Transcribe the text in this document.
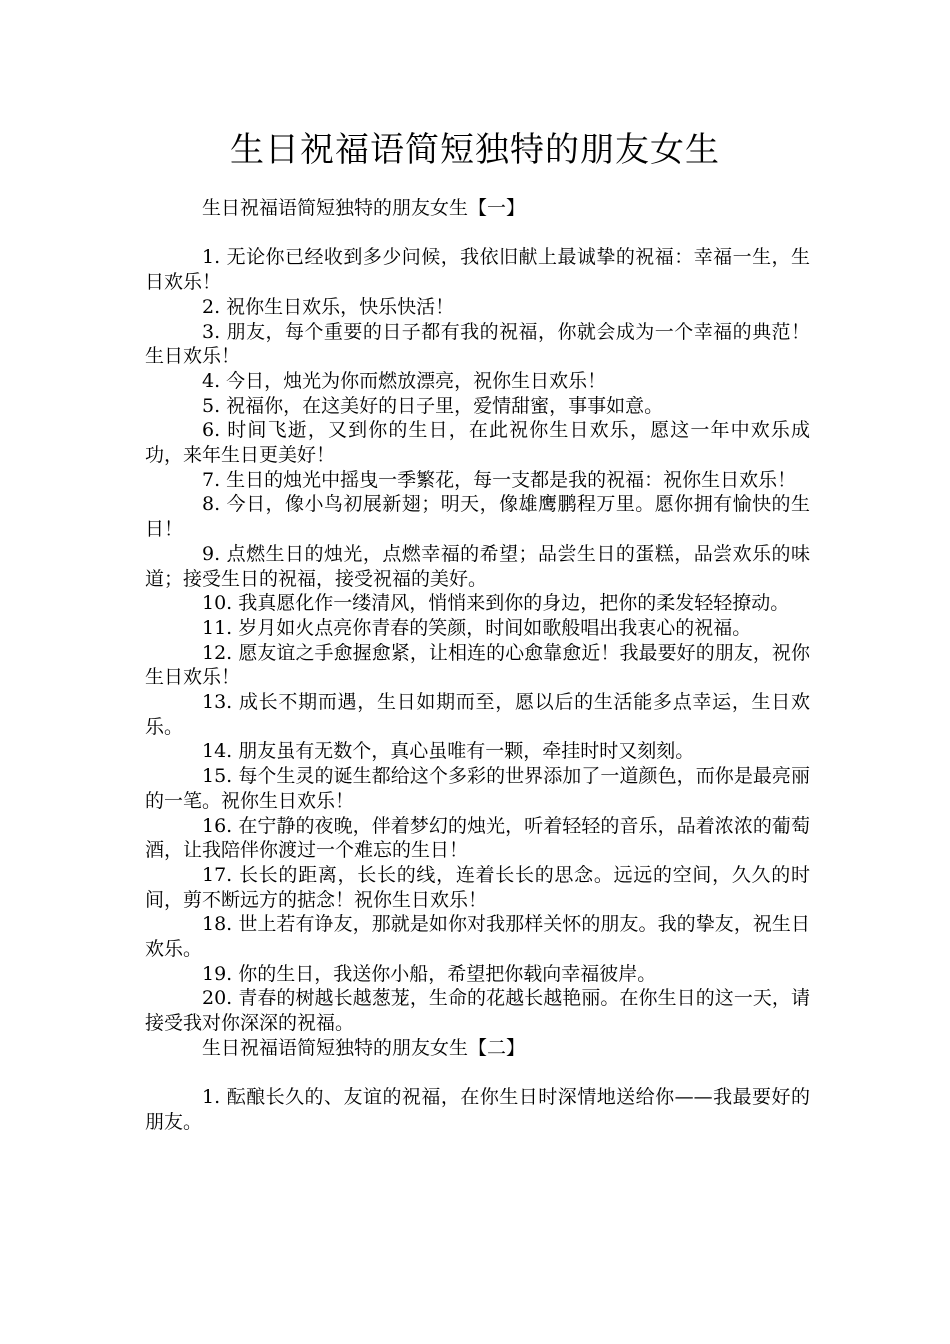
生日祝福语简短独特的朋友女生

生日祝福语简短独特的朋友女生【一】

1. 无论你已经收到多少问候，我依旧献上最诚挚的祝福：幸福一生，生日欢乐！

2. 祝你生日欢乐，快乐快活！

3. 朋友，每个重要的日子都有我的祝福，你就会成为一个幸福的典范！生日欢乐！

4. 今日，烛光为你而燃放漂亮，祝你生日欢乐！

5. 祝福你，在这美好的日子里，爱情甜蜜，事事如意。

6. 时间飞逝，又到你的生日，在此祝你生日欢乐，愿这一年中欢乐成功，来年生日更美好！

7. 生日的烛光中摇曳一季繁花，每一支都是我的祝福：祝你生日欢乐！

8. 今日，像小鸟初展新翅；明天，像雄鹰鹏程万里。愿你拥有愉快的生日！

9. 点燃生日的烛光，点燃幸福的希望；品尝生日的蛋糕，品尝欢乐的味道；接受生日的祝福，接受祝福的美好。

10. 我真愿化作一缕清风，悄悄来到你的身边，把你的柔发轻轻撩动。

11. 岁月如火点亮你青春的笑颜，时间如歌般唱出我衷心的祝福。

12. 愿友谊之手愈握愈紧，让相连的心愈靠愈近！我最要好的朋友，祝你生日欢乐！

13. 成长不期而遇，生日如期而至，愿以后的生活能多点幸运，生日欢乐。

14. 朋友虽有无数个，真心虽唯有一颗，牵挂时时又刻刻。

15. 每个生灵的诞生都给这个多彩的世界添加了一道颜色，而你是最亮丽的一笔。祝你生日欢乐！

16. 在宁静的夜晚，伴着梦幻的烛光，听着轻轻的音乐，品着浓浓的葡萄酒，让我陪伴你渡过一个难忘的生日！

17. 长长的距离，长长的线，连着长长的思念。远远的空间，久久的时间，剪不断远方的掂念！祝你生日欢乐！

18. 世上若有诤友，那就是如你对我那样关怀的朋友。我的挚友，祝生日欢乐。

19. 你的生日，我送你小船，希望把你载向幸福彼岸。

20. 青春的树越长越葱茏，生命的花越长越艳丽。在你生日的这一天，请接受我对你深深的祝福。

生日祝福语简短独特的朋友女生【二】

1. 酝酿长久的、友谊的祝福，在你生日时深情地送给你——我最要好的朋友。
